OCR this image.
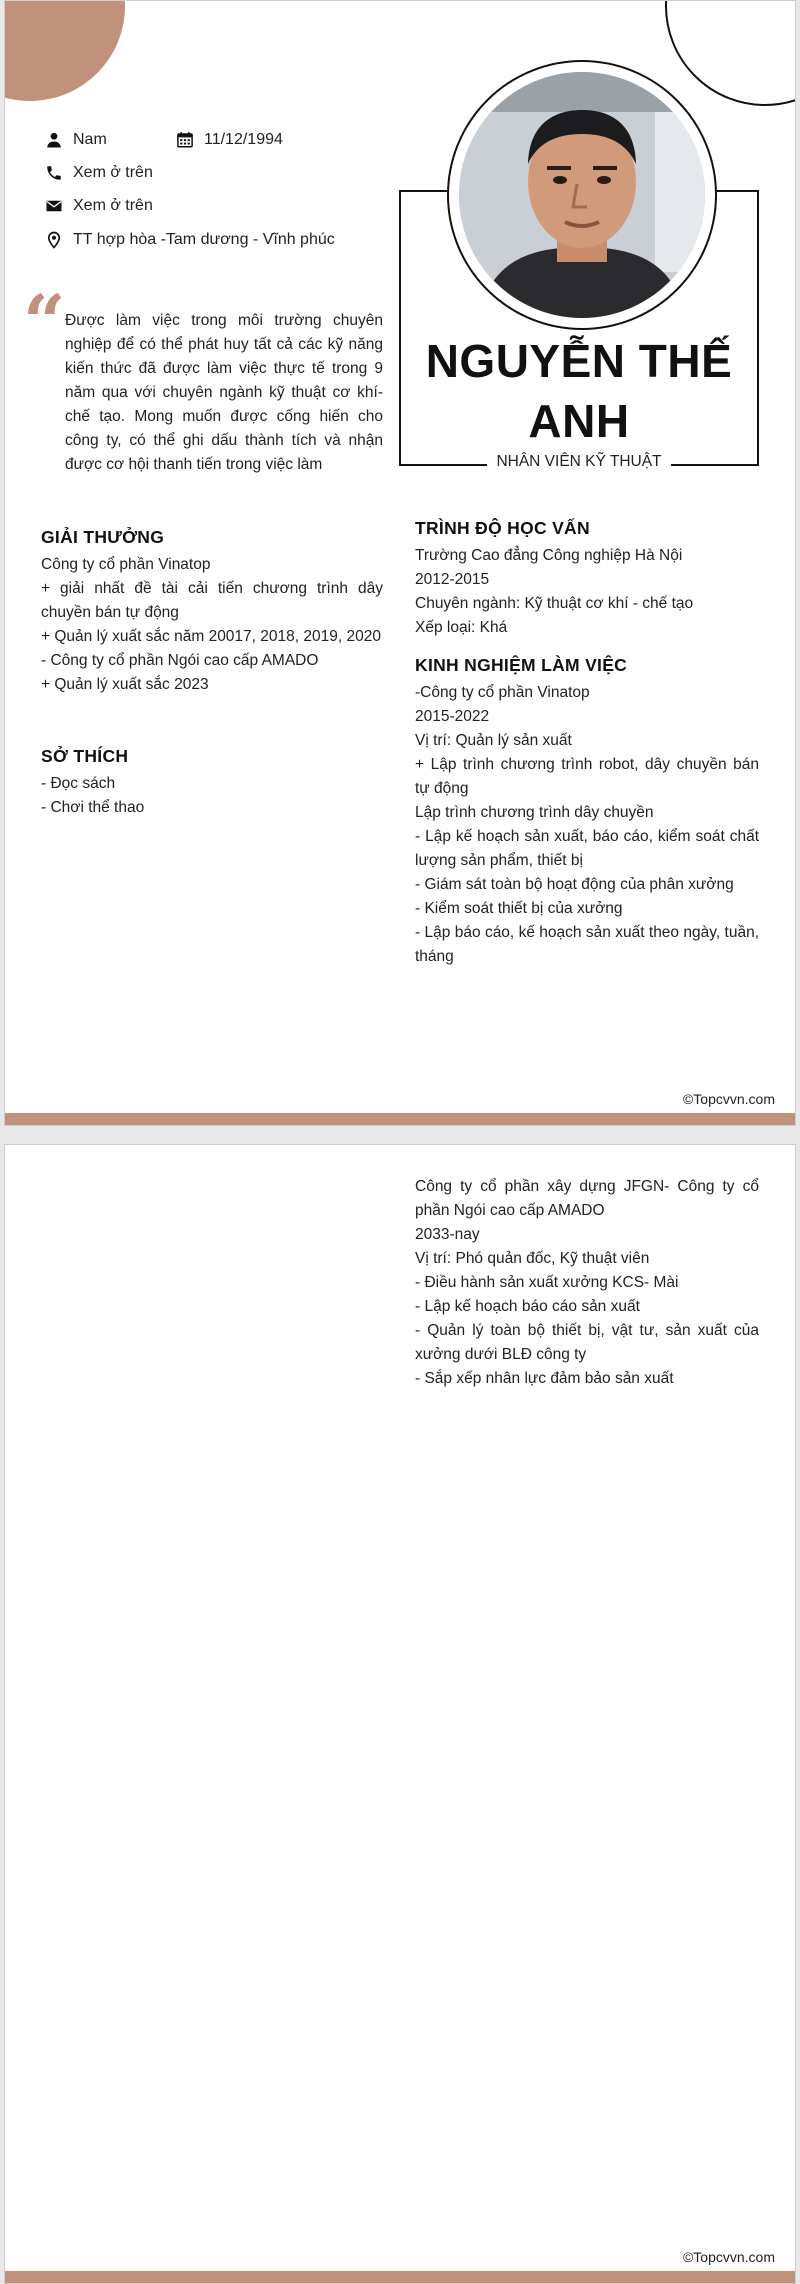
Nam	11/12/1994
Xem ở trên
Xem ở trên
TT hợp hòa -Tam dương - Vĩnh phúc
“ Được làm việc trong môi trường chuyên nghiệp để có thể phát huy tất cả các kỹ năng kiến thức đã được làm việc thực tế trong 9 năm qua với chuyên ngành kỹ thuật cơ khí-chế tạo. Mong muốn được cống hiến cho công ty, có thể ghi dấu thành tích và nhận được cơ hội thanh tiến trong việc làm

NGUYỄN THẾ
ANH
NHÂN VIÊN KỸ THUẬT
GIẢI THƯỞNG
Công ty cổ phần Vinatop
+ giải nhất đề tài cải tiến chương trình dây chuyền bán tự động
+ Quản lý xuất sắc năm 20017, 2018, 2019, 2020
- Công ty cổ phần Ngói cao cấp AMADO
+ Quản lý xuất sắc 2023
SỞ THÍCH
- Đọc sách
- Chơi thể thao
TRÌNH ĐỘ HỌC VẤN
Trường Cao đẳng Công nghiệp Hà Nội
2012-2015
Chuyên ngành: Kỹ thuật cơ khí - chế tạo
Xếp loại: Khá
KINH NGHIỆM LÀM VIỆC
-Công ty cổ phần Vinatop
2015-2022
Vị trí: Quản lý sản xuất
+ Lập trình chương trình robot, dây chuyền bán tự động
Lập trình chương trình dây chuyền
- Lập kế hoạch sản xuất, báo cáo, kiểm soát chất lượng sản phẩm, thiết bị
- Giám sát toàn bộ hoạt động của phân xưởng
- Kiểm soát thiết bị của xưởng
- Lập báo cáo, kế hoạch sản xuất theo ngày, tuần, tháng
©Topcvvn.com
Công ty cổ phần xây dựng JFGN- Công ty cổ phần Ngói cao cấp AMADO
2033-nay
Vị trí: Phó quản đốc, Kỹ thuật viên
- Điều hành sản xuất xưởng KCS- Mài
- Lập kế hoạch báo cáo sản xuất
- Quản lý toàn bộ thiết bị, vật tư, sản xuất của xưởng dưới BLĐ công ty
- Sắp xếp nhân lực đảm bảo sản xuất
©Topcvvn.com
